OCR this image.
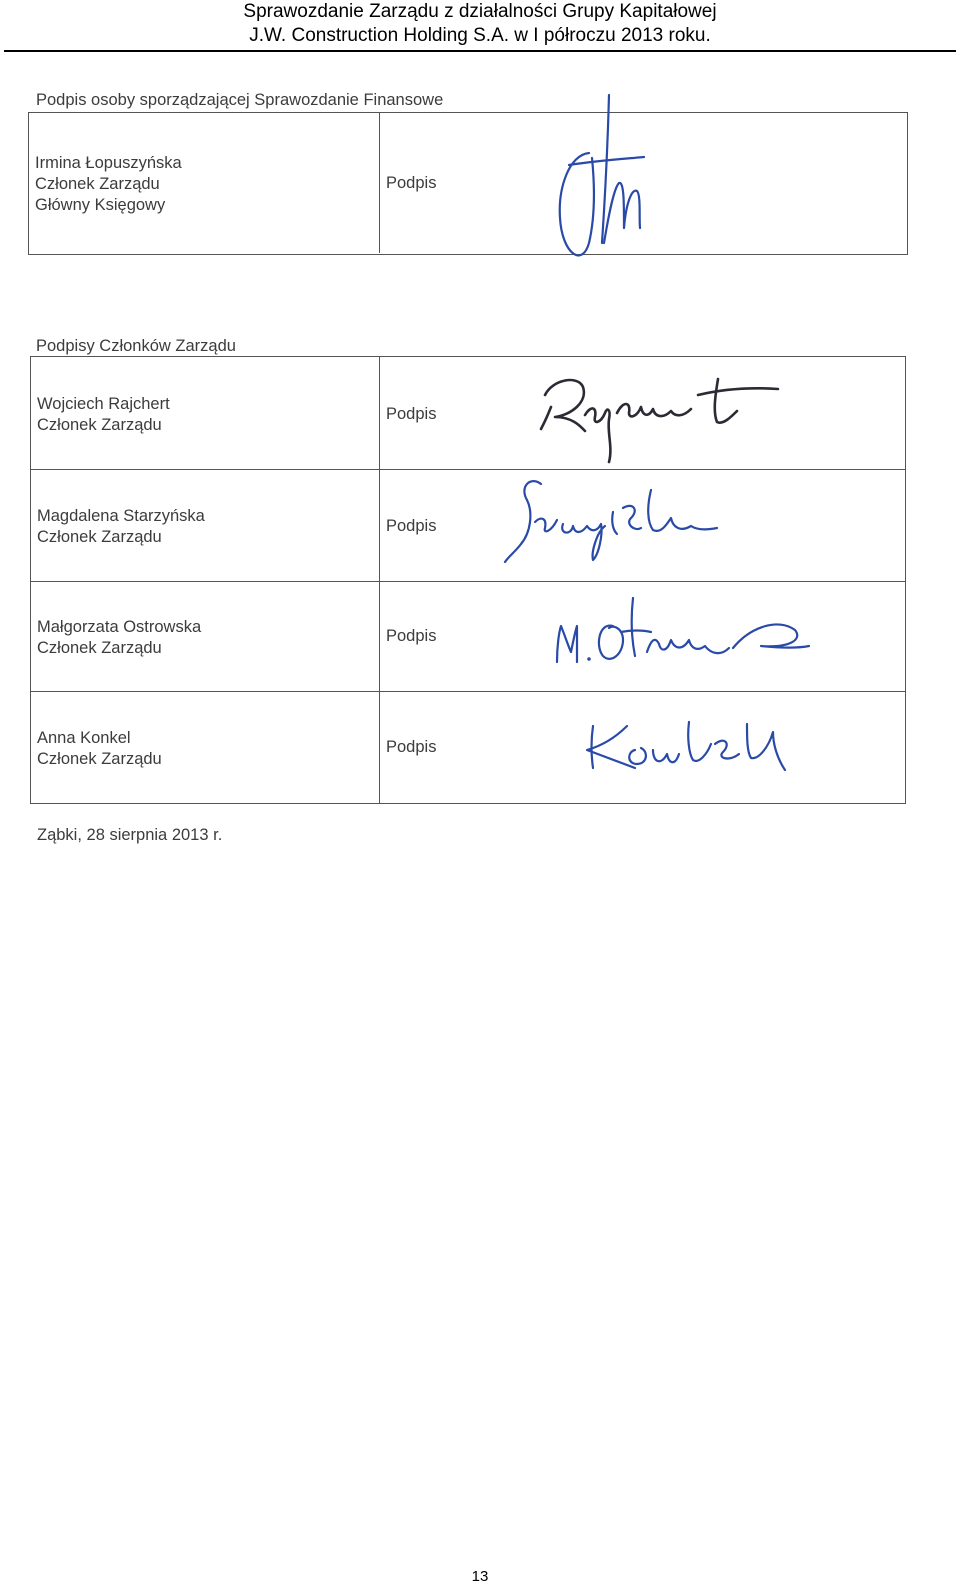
Sprawozdanie Zarządu z działalności Grupy Kapitałowej
J.W. Construction Holding S.A. w I półroczu 2013 roku.
Podpis osoby sporządzającej Sprawozdanie Finansowe
Irmina Łopuszyńska
Członek Zarządu
Główny Księgowy
Podpis
Podpisy Członków Zarządu
Wojciech Rajchert
Członek Zarządu
Podpis
Magdalena Starzyńska
Członek Zarządu
Podpis
Małgorzata Ostrowska
Członek Zarządu
Podpis
Anna Konkel
Członek Zarządu
Podpis
Ząbki, 28 sierpnia 2013 r.
13
